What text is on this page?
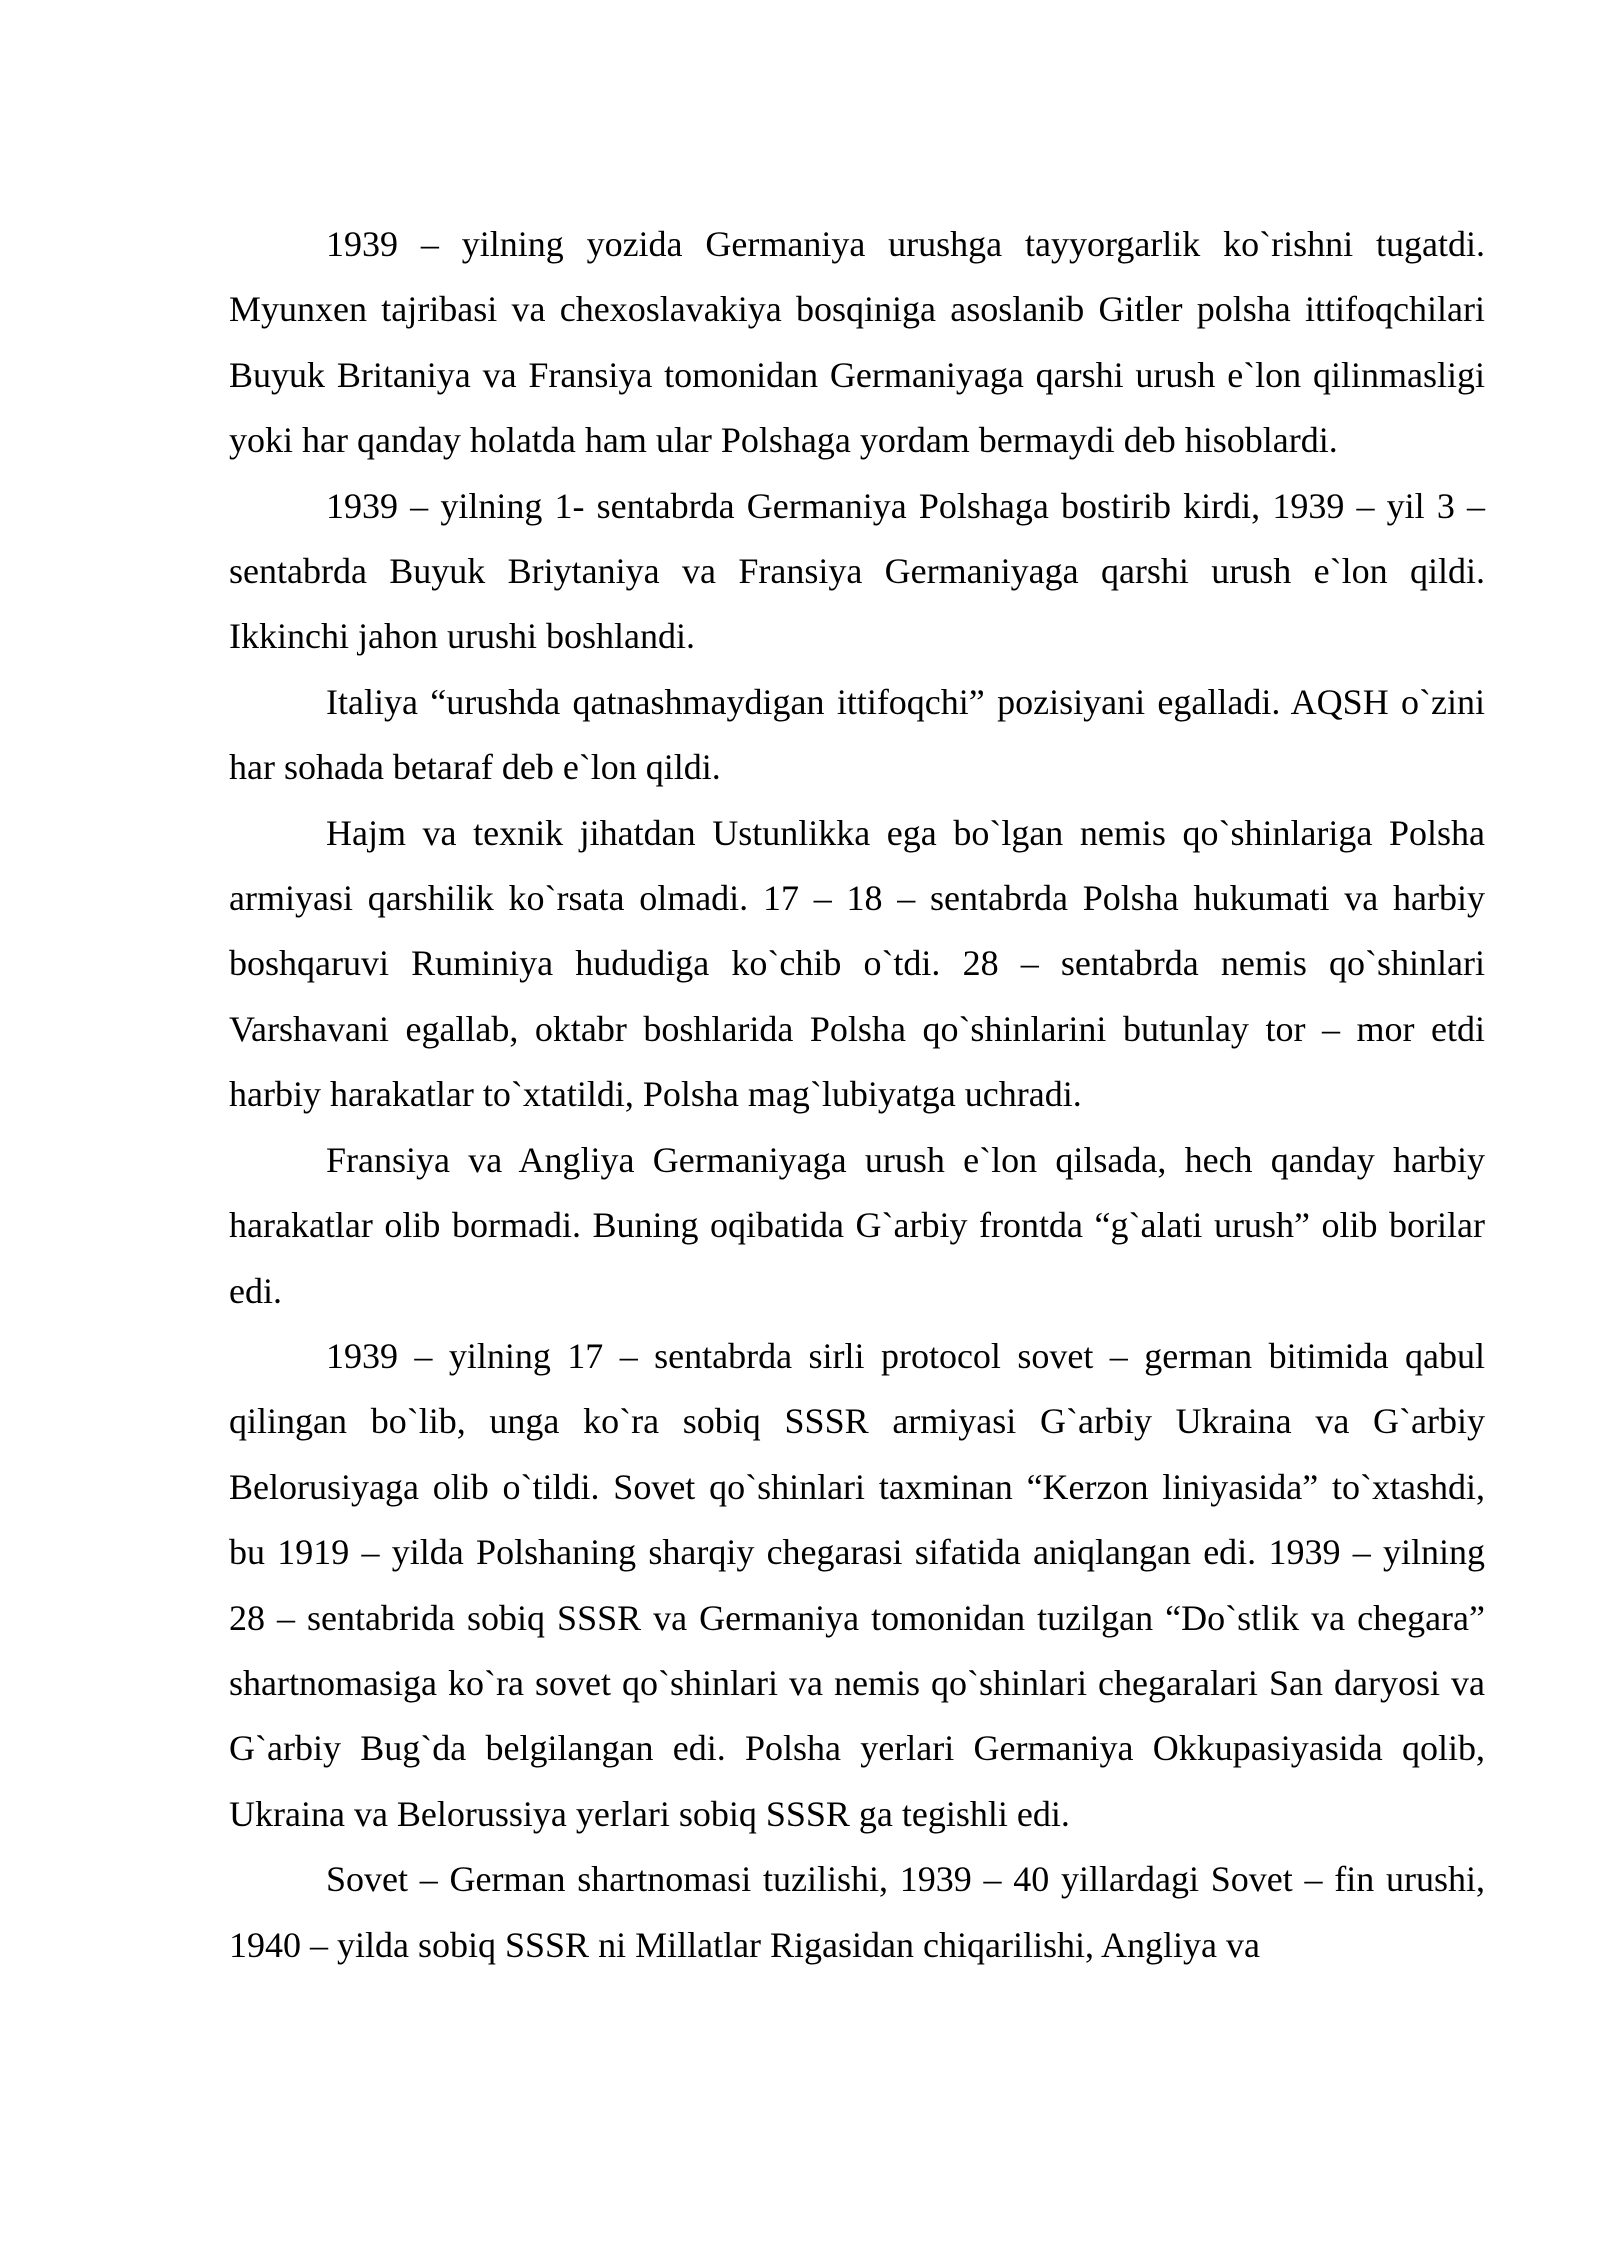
1939 – yilning yozida Germaniya urushga tayyorgarlik ko`rishni tugatdi. Myunxen tajribasi va chexoslavakiya bosqiniga asoslanib Gitler polsha ittifoqchilari Buyuk Britaniya va Fransiya tomonidan Germaniyaga qarshi urush e`lon qilinmasligi yoki har qanday holatda ham ular Polshaga yordam bermaydi deb hisoblardi.

1939 – yilning 1- sentabrda Germaniya Polshaga bostirib kirdi, 1939 – yil 3 – sentabrda Buyuk Briytaniya va Fransiya Germaniyaga qarshi urush e`lon qildi. Ikkinchi jahon urushi boshlandi.

Italiya “urushda qatnashmaydigan ittifoqchi” pozisiyani egalladi. AQSH o`zini har sohada betaraf deb e`lon qildi.

Hajm va texnik jihatdan Ustunlikka ega bo`lgan nemis qo`shinlariga Polsha armiyasi qarshilik ko`rsata olmadi. 17 – 18 – sentabrda Polsha hukumati va harbiy boshqaruvi Ruminiya hududiga ko`chib o`tdi. 28 – sentabrda nemis qo`shinlari Varshavani egallab, oktabr boshlarida Polsha qo`shinlarini butunlay tor – mor etdi harbiy harakatlar to`xtatildi, Polsha mag`lubiyatga uchradi.

Fransiya va Angliya Germaniyaga urush e`lon qilsada, hech qanday harbiy harakatlar olib bormadi. Buning oqibatida G`arbiy frontda “g`alati urush” olib borilar edi.

1939 – yilning 17 – sentabrda sirli protocol sovet – german bitimida qabul qilingan bo`lib, unga ko`ra sobiq SSSR armiyasi G`arbiy Ukraina va G`arbiy Belorusiyaga olib o`tildi. Sovet qo`shinlari taxminan “Kerzon liniyasida” to`xtashdi, bu 1919 – yilda Polshaning sharqiy chegarasi sifatida aniqlangan edi. 1939 – yilning 28 – sentabrida sobiq SSSR va Germaniya tomonidan tuzilgan “Do`stlik va chegara” shartnomasiga ko`ra sovet qo`shinlari va nemis qo`shinlari chegaralari San daryosi va G`arbiy Bug`da belgilangan edi. Polsha yerlari Germaniya Okkupasiyasida qolib, Ukraina va Belorussiya yerlari sobiq SSSR ga tegishli edi.

Sovet – German shartnomasi tuzilishi, 1939 – 40 yillardagi Sovet – fin urushi, 1940 – yilda sobiq SSSR ni Millatlar Rigasidan chiqarilishi, Angliya va
